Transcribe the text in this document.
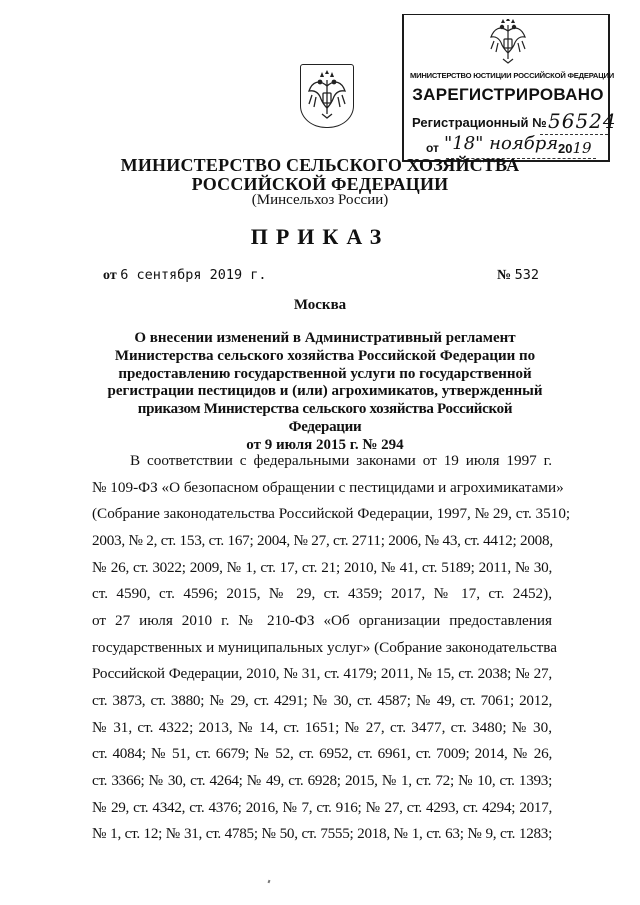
МИНИСТЕРСТВО ЮСТИЦИИ РОССИЙСКОЙ ФЕДЕРАЦИИ
ЗАРЕГИСТРИРОВАНО
Регистрационный № 56524
от "18" ноября 2019
МИНИСТЕРСТВО СЕЛЬСКОГО ХОЗЯЙСТВА
РОССИЙСКОЙ ФЕДЕРАЦИИ
(Минсельхоз России)
ПРИКАЗ
от 6 сентября 2019 г.	№ 532
Москва
О внесении изменений в Административный регламент
Министерства сельского хозяйства Российской Федерации по
предоставлению государственной услуги по государственной
регистрации пестицидов и (или) агрохимикатов, утвержденный
приказом Министерства сельского хозяйства Российской Федерации
от 9 июля 2015 г. № 294
В соответствии с федеральными законами от 19 июля 1997 г.
№ 109-ФЗ «О безопасном обращении с пестицидами и агрохимикатами»
(Собрание законодательства Российской Федерации, 1997, № 29, ст. 3510;
2003, № 2, ст. 153, ст. 167; 2004, № 27, ст. 2711; 2006, № 43, ст. 4412; 2008,
№ 26, ст. 3022; 2009, № 1, ст. 17, ст. 21; 2010, № 41, ст. 5189; 2011, № 30,
ст. 4590, ст. 4596; 2015, № 29, ст. 4359; 2017, № 17, ст. 2452),
от 27 июля 2010 г. № 210-ФЗ «Об организации предоставления
государственных и муниципальных услуг» (Собрание законодательства
Российской Федерации, 2010, № 31, ст. 4179; 2011, № 15, ст. 2038; № 27,
ст. 3873, ст. 3880; № 29, ст. 4291; № 30, ст. 4587; № 49, ст. 7061; 2012,
№ 31, ст. 4322; 2013, № 14, ст. 1651; № 27, ст. 3477, ст. 3480; № 30,
ст. 4084; № 51, ст. 6679; № 52, ст. 6952, ст. 6961, ст. 7009; 2014, № 26,
ст. 3366; № 30, ст. 4264; № 49, ст. 6928; 2015, № 1, ст. 72; № 10, ст. 1393;
№ 29, ст. 4342, ст. 4376; 2016, № 7, ст. 916; № 27, ст. 4293, ст. 4294; 2017,
№ 1, ст. 12; № 31, ст. 4785; № 50, ст. 7555; 2018, № 1, ст. 63; № 9, ст. 1283;
